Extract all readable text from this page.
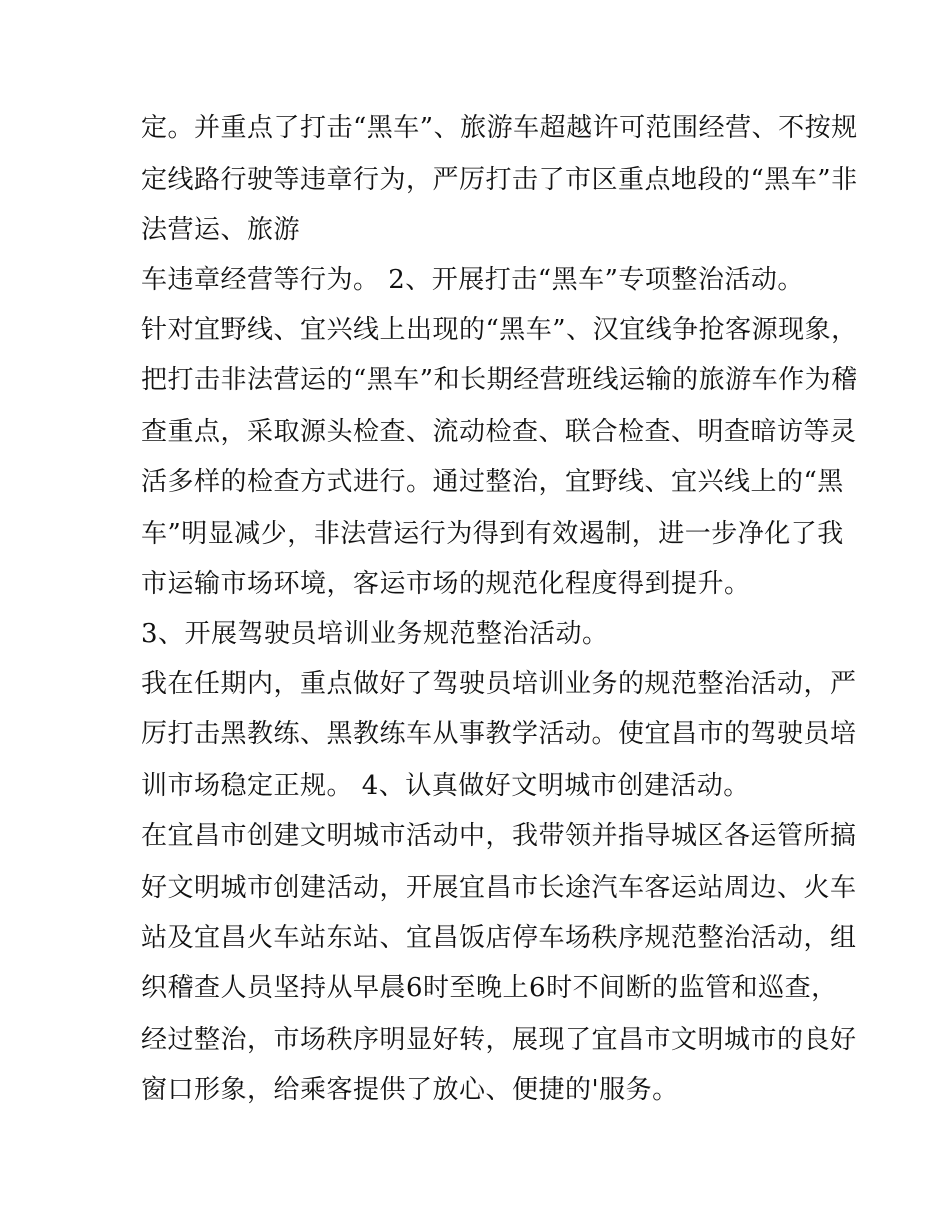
定。并重点了打击“黑车”、旅游车超越许可范围经营、不按规
定线路行驶等违章行为，严厉打击了市区重点地段的“黑车”非
法营运、旅游
车违章经营等行为。 2、开展打击“黑车”专项整治活动。
针对宜野线、宜兴线上出现的“黑车”、汉宜线争抢客源现象，
把打击非法营运的“黑车”和长期经营班线运输的旅游车作为稽
查重点，采取源头检查、流动检查、联合检查、明查暗访等灵
活多样的检查方式进行。通过整治，宜野线、宜兴线上的“黑
车”明显减少，非法营运行为得到有效遏制，进一步净化了我
市运输市场环境，客运市场的规范化程度得到提升。
3、开展驾驶员培训业务规范整治活动。
我在任期内，重点做好了驾驶员培训业务的规范整治活动，严
厉打击黑教练、黑教练车从事教学活动。使宜昌市的驾驶员培
训市场稳定正规。 4、认真做好文明城市创建活动。
在宜昌市创建文明城市活动中，我带领并指导城区各运管所搞
好文明城市创建活动，开展宜昌市长途汽车客运站周边、火车
站及宜昌火车站东站、宜昌饭店停车场秩序规范整治活动，组
织稽查人员坚持从早晨6时至晚上6时不间断的监管和巡查，
经过整治，市场秩序明显好转，展现了宜昌市文明城市的良好
窗口形象，给乘客提供了放心、便捷的'服务。
